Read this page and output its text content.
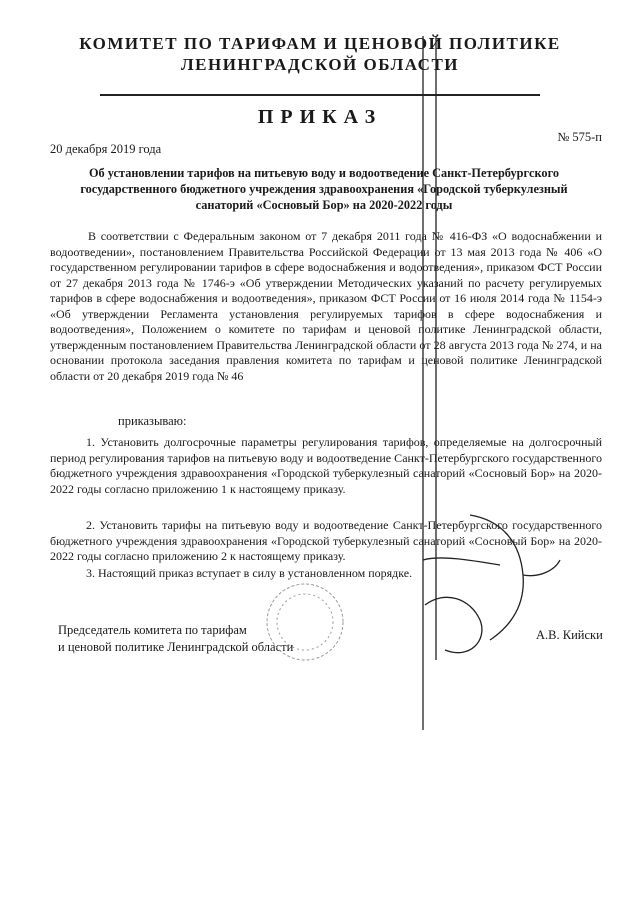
КОМИТЕТ ПО ТАРИФАМ И ЦЕНОВОЙ ПОЛИТИКЕ
ЛЕНИНГРАДСКОЙ ОБЛАСТИ
ПРИКАЗ
№ 575-п
20 декабря 2019 года
Об установлении тарифов на питьевую воду и водоотведение Санкт-Петербургского государственного бюджетного учреждения здравоохранения «Городской туберкулезный санаторий «Сосновый Бор» на 2020-2022 годы
В соответствии с Федеральным законом от 7 декабря 2011 года № 416-ФЗ «О водоснабжении и водоотведении», постановлением Правительства Российской Федерации от 13 мая 2013 года № 406 «О государственном регулировании тарифов в сфере водоснабжения и водоотведения», приказом ФСТ России от 27 декабря 2013 года № 1746-э «Об утверждении Методических указаний по расчету регулируемых тарифов в сфере водоснабжения и водоотведения», приказом ФСТ России от 16 июля 2014 года № 1154-э «Об утверждении Регламента установления регулируемых тарифов в сфере водоснабжения и водоотведения», Положением о комитете по тарифам и ценовой политике Ленинградской области, утвержденным постановлением Правительства Ленинградской области от 28 августа 2013 года № 274, и на основании протокола заседания правления комитета по тарифам и ценовой политике Ленинградской области от 20 декабря 2019 года № 46
приказываю:
1. Установить долгосрочные параметры регулирования тарифов, определяемые на долгосрочный период регулирования тарифов на питьевую воду и водоотведение Санкт-Петербургского государственного бюджетного учреждения здравоохранения «Городской туберкулезный санаторий «Сосновый Бор» на 2020-2022 годы согласно приложению 1 к настоящему приказу.
2. Установить тарифы на питьевую воду и водоотведение Санкт-Петербургского государственного бюджетного учреждения здравоохранения «Городской туберкулезный санаторий «Сосновый Бор» на 2020-2022 годы согласно приложению 2 к настоящему приказу.
3. Настоящий приказ вступает в силу в установленном порядке.
Председатель комитета по тарифам
и ценовой политике Ленинградской области
А.В. Кийски
